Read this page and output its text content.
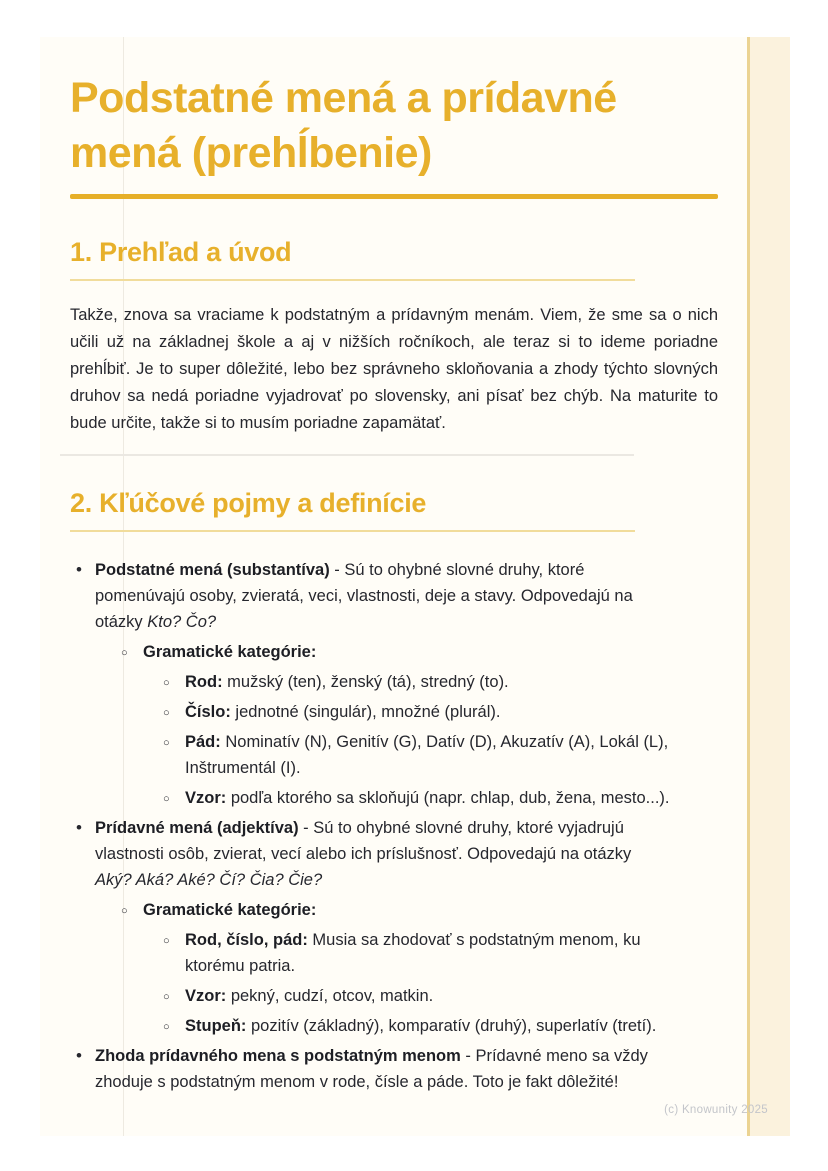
Podstatné mená a prídavné mená (prehĺbenie)
1. Prehľad a úvod

Takže, znova sa vraciame k podstatným a prídavným menám. Viem, že sme sa o nich učili už na základnej škole a aj v nižších ročníkoch, ale teraz si to ideme poriadne prehĺbiť. Je to super dôležité, lebo bez správneho skloňovania a zhody týchto slovných druhov sa nedá poriadne vyjadrovať po slovensky, ani písať bez chýb. Na maturite to bude určite, takže si to musím poriadne zapamätať.

2. Kľúčové pojmy a definície
• Podstatné mená (substantíva) - Sú to ohybné slovné druhy, ktoré
pomenúvajú osoby, zvieratá, veci, vlastnosti, deje a stavy. Odpovedajú na
otázky Kto? Čo?
○ Gramatické kategórie:
○ Rod: mužský (ten), ženský (tá), stredný (to).
○ Číslo: jednotné (singulár), množné (plurál).
○ Pád: Nominatív (N), Genitív (G), Datív (D), Akuzatív (A), Lokál (L),
Inštrumentál (I).
○ Vzor: podľa ktorého sa skloňujú (napr. chlap, dub, žena, mesto...).
• Prídavné mená (adjektíva) - Sú to ohybné slovné druhy, ktoré vyjadrujú
vlastnosti osôb, zvierat, vecí alebo ich príslušnosť. Odpovedajú na otázky
Aký? Aká? Aké? Čí? Čia? Čie?
○ Gramatické kategórie:
○ Rod, číslo, pád: Musia sa zhodovať s podstatným menom, ku
ktorému patria.
○ Vzor: pekný, cudzí, otcov, matkin.
○ Stupeň: pozitív (základný), komparatív (druhý), superlatív (tretí).
• Zhoda prídavného mena s podstatným menom - Prídavné meno sa vždy
zhoduje s podstatným menom v rode, čísle a páde. Toto je fakt dôležité!
(c) Knowunity 2025
